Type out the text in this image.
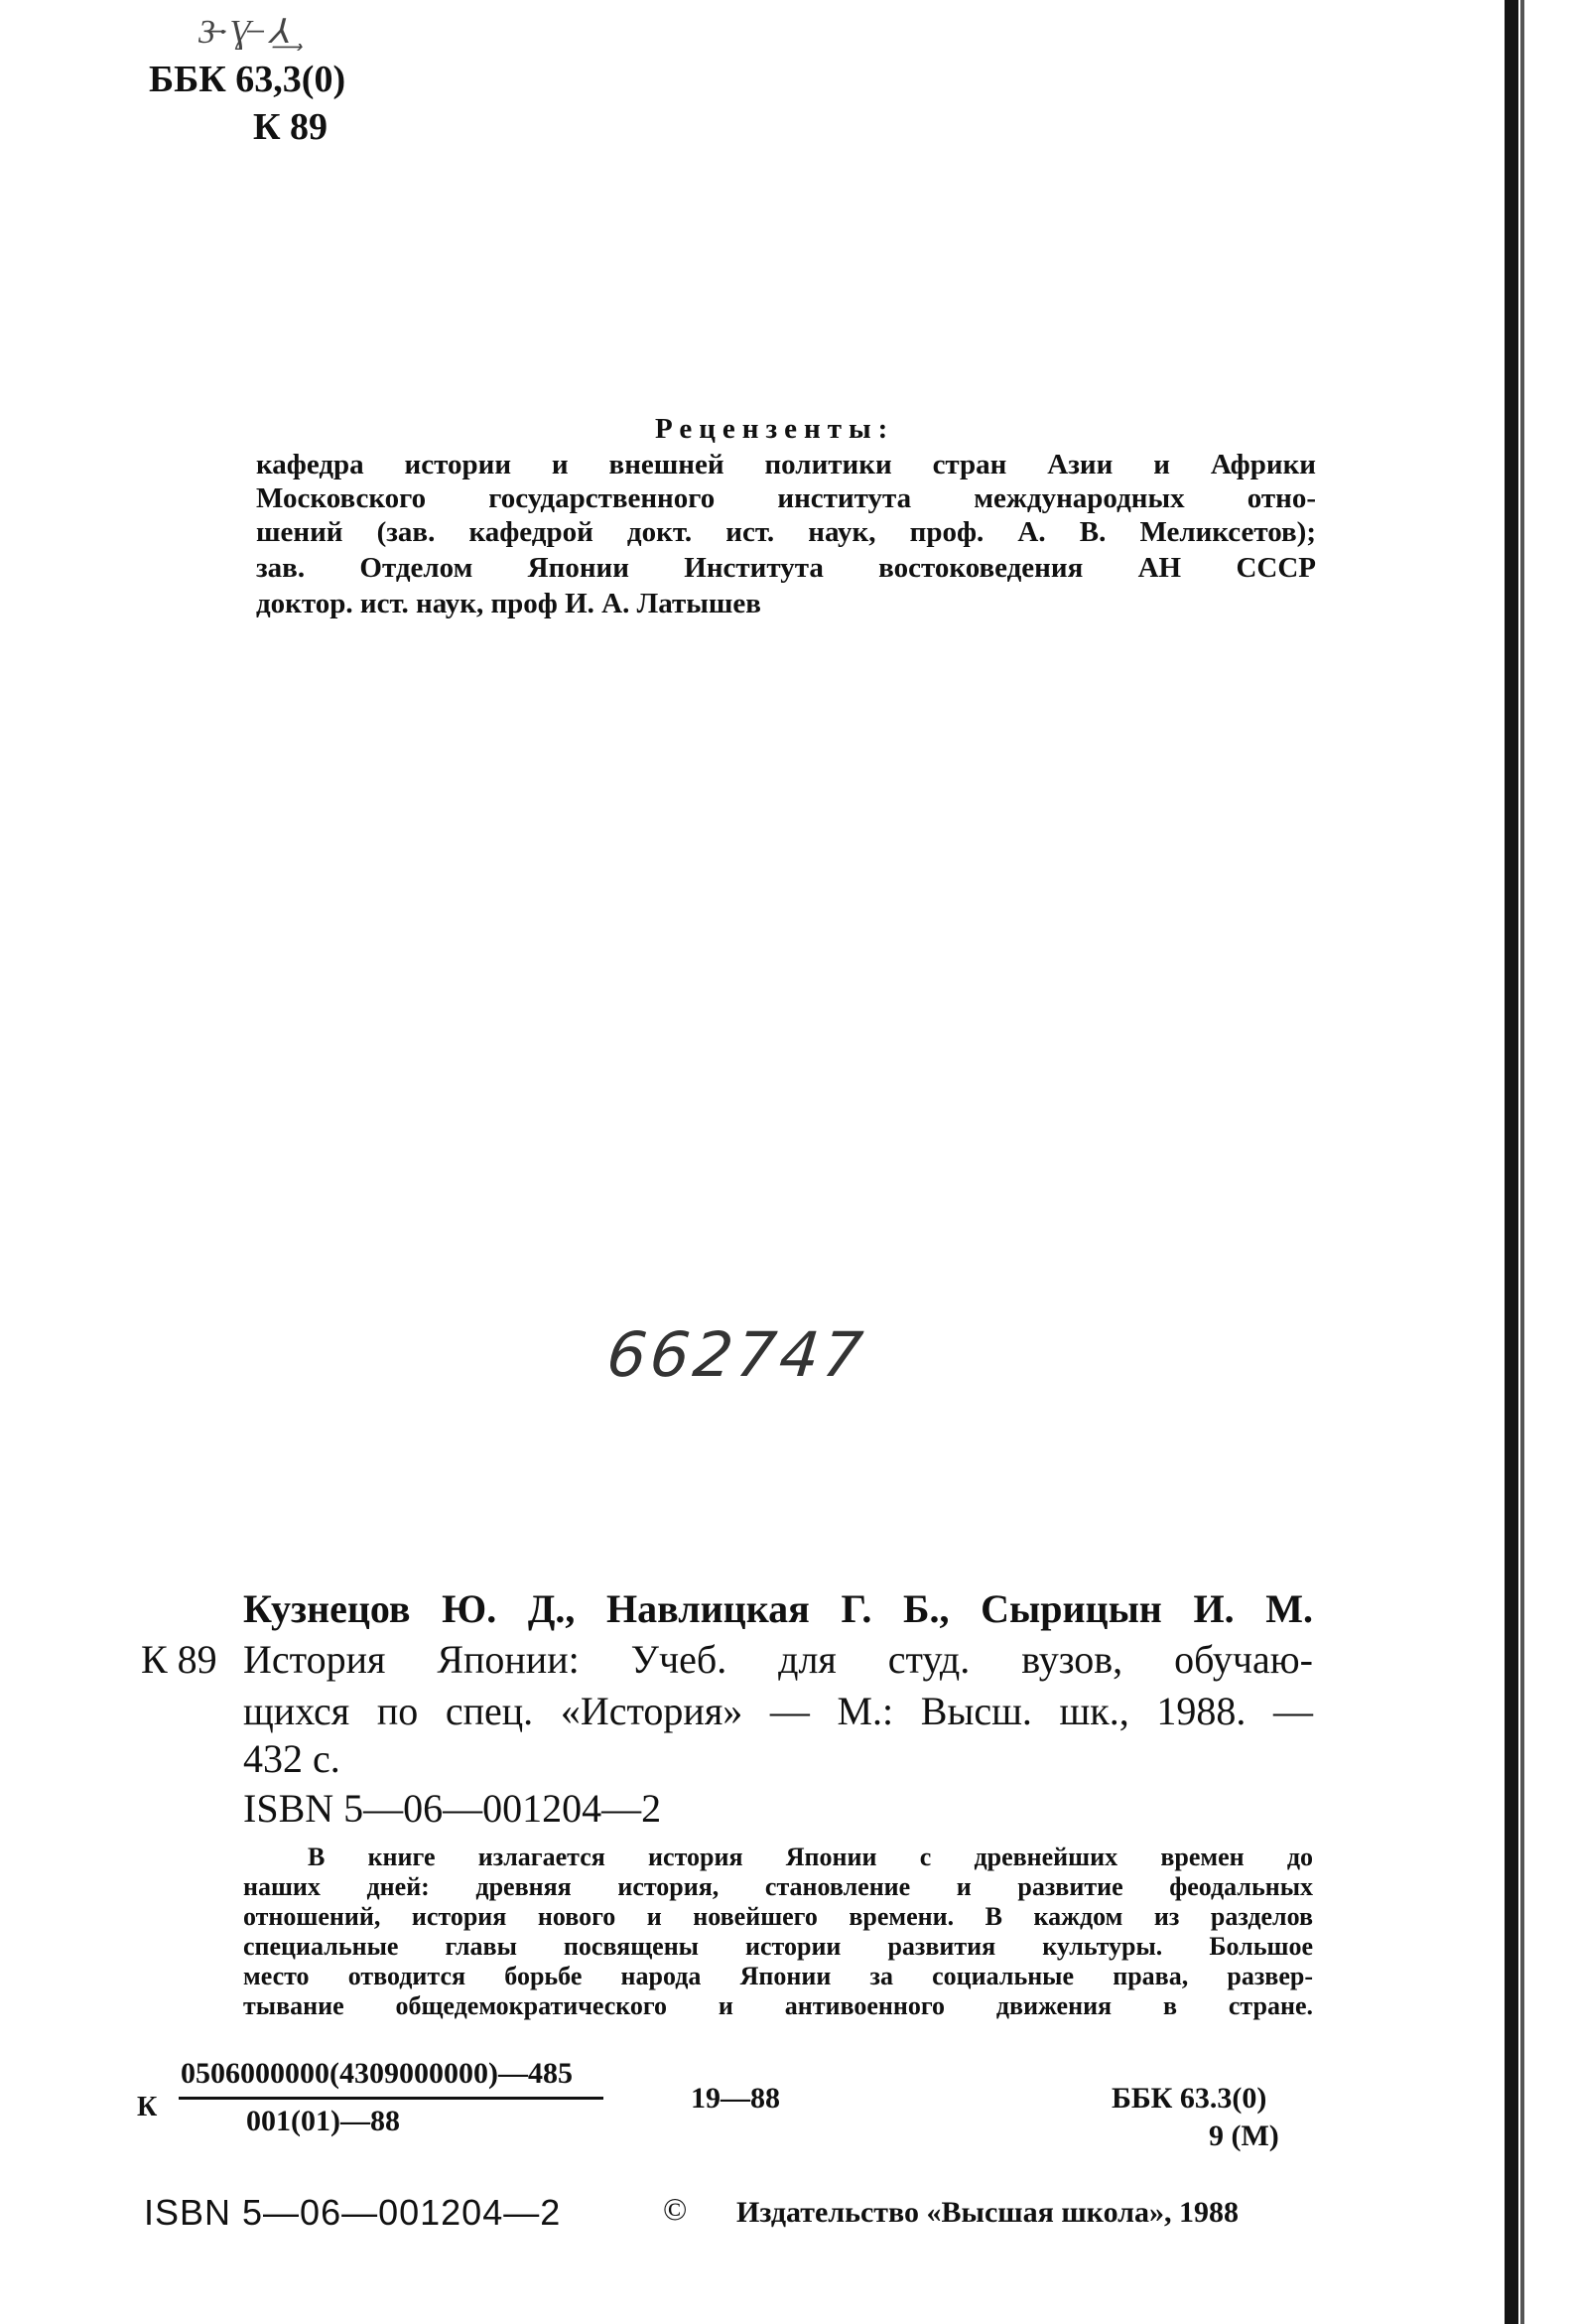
3̶·Ɣ̶ ⅄͢
ББК 63,3(0)
К 89
Рецензенты:
кафедра истории и внешней политики стран Азии и Африки
Московского государственного института международных отно-
шений (зав. кафедрой докт. ист. наук, проф. А. В. Меликсетов);
зав. Отделом Японии Института востоковедения АН СССР
доктор. ист. наук, проф И. А. Латышев
662747
Кузнецов Ю. Д., Навлицкая Г. Б., Сырицын И. М.
К 89 История Японии: Учеб. для студ. вузов, обучаю-
щихся по спец. «История» — М.: Высш. шк., 1988. —
432 с.
ISBN 5—06—001204—2
В книге излагается история Японии с древнейших времен до
наших дней: древняя история, становление и развитие феодальных
отношений, история нового и новейшего времени. В каждом из разделов
специальные главы посвящены истории развития культуры. Большое
место отводится борьбе народа Японии за социальные права, развер-
тывание общедемократического и антивоенного движения в стране.
К
0506000000(4309000000)—485
001(01)—88
19—88	ББК 63.3(0)
9 (М)
ISBN 5—06—001204—2	© Издательство «Высшая школа», 1988
